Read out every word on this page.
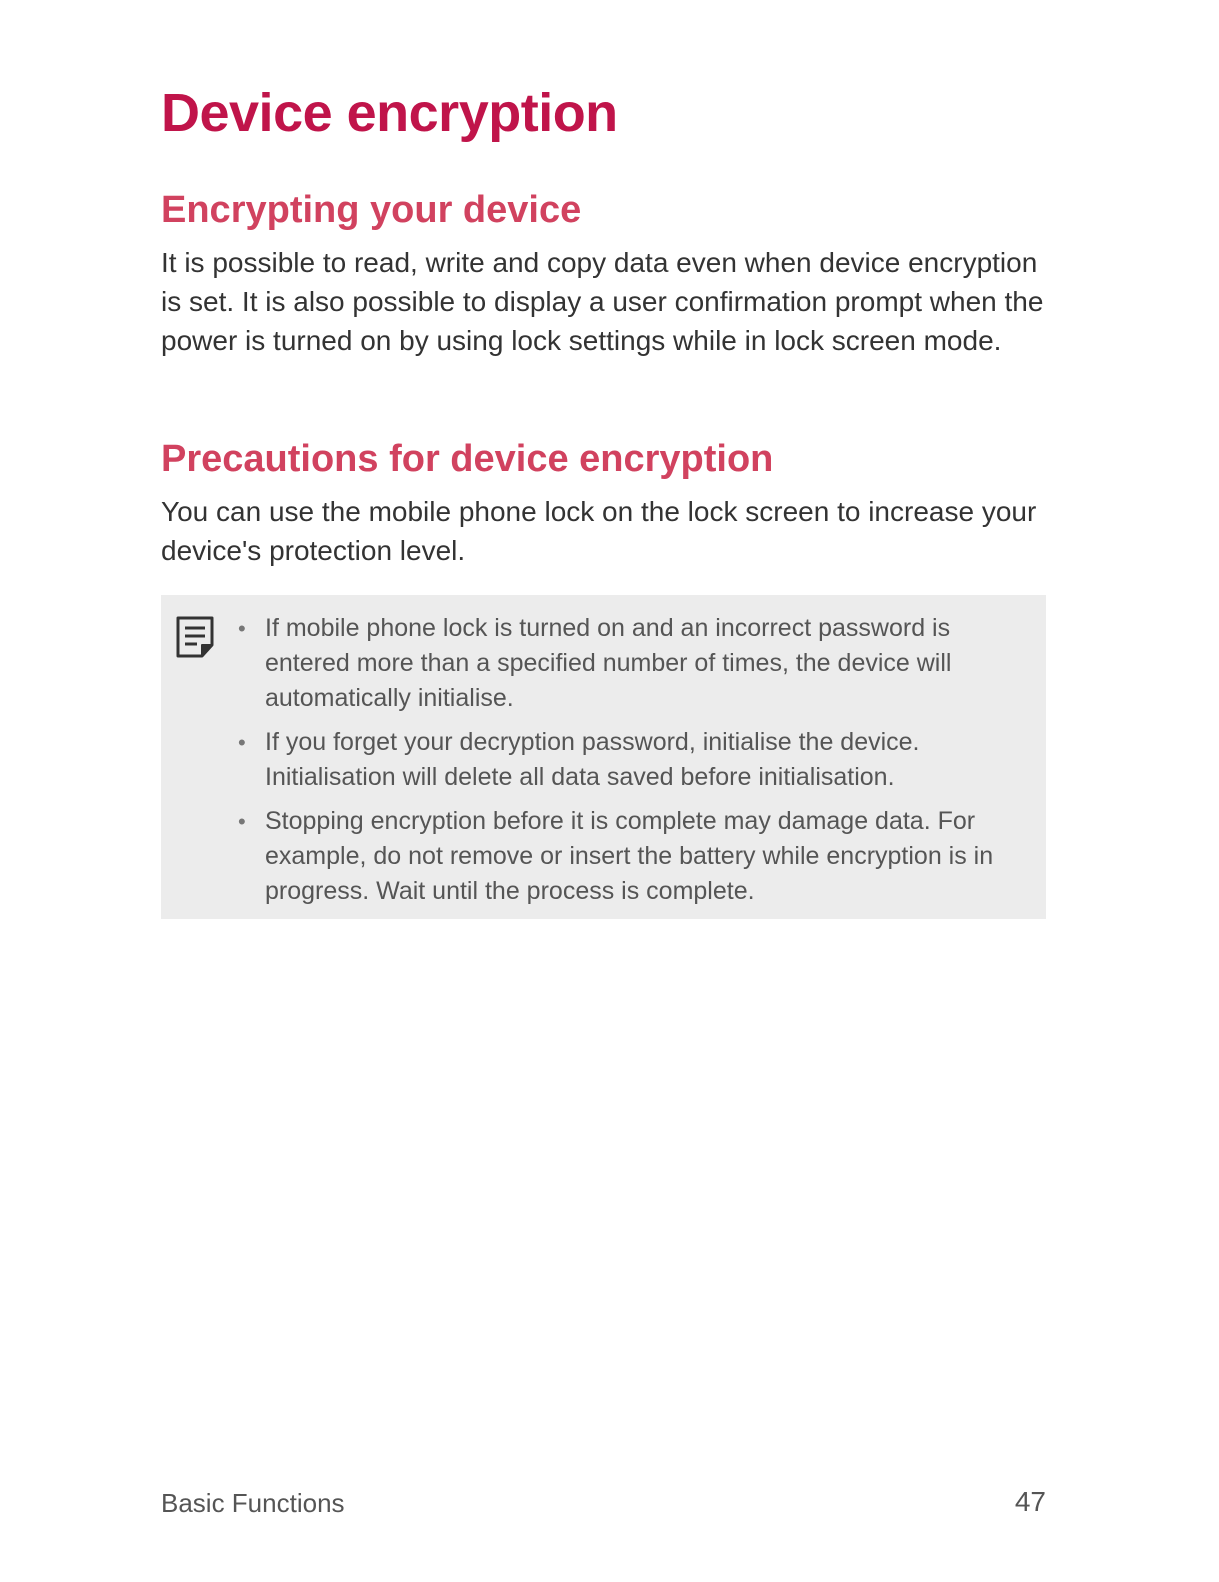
Device encryption
Encrypting your device

It is possible to read, write and copy data even when device encryption is set. It is also possible to display a user confirmation prompt when the power is turned on by using lock settings while in lock screen mode.

Precautions for device encryption

You can use the mobile phone lock on the lock screen to increase your device's protection level.

• If mobile phone lock is turned on and an incorrect password is entered more than a specified number of times, the device will automatically initialise.
• If you forget your decryption password, initialise the device. Initialisation will delete all data saved before initialisation.
• Stopping encryption before it is complete may damage data. For example, do not remove or insert the battery while encryption is in progress. Wait until the process is complete.
Basic Functions	47
